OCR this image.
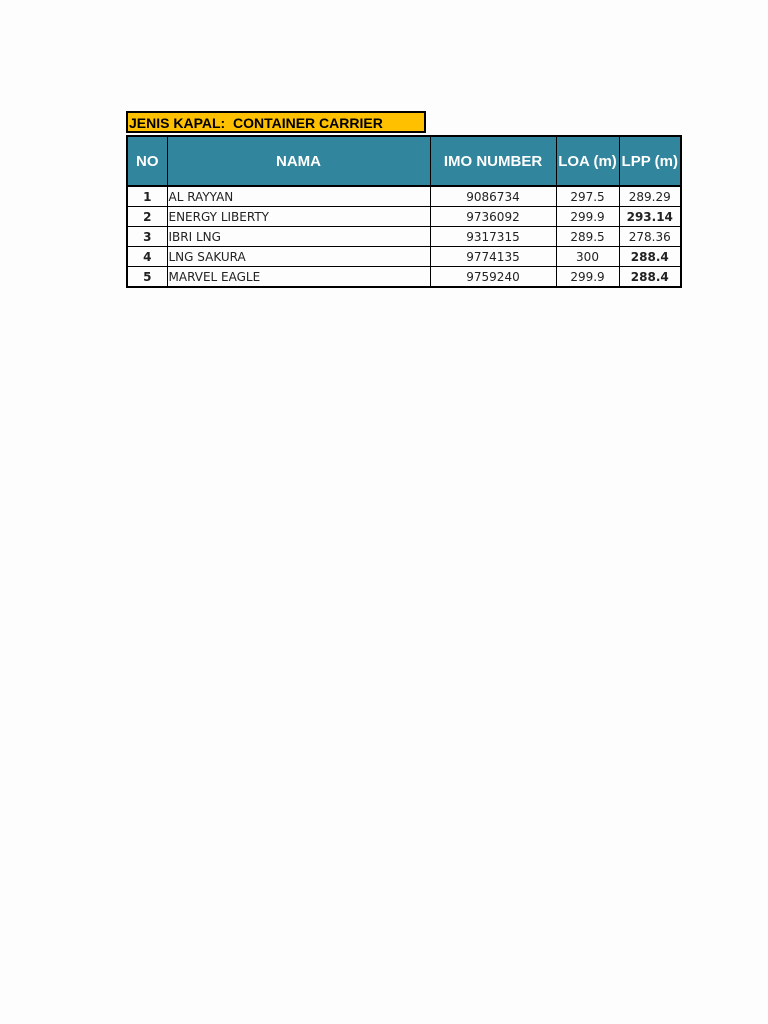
JENIS KAPAL:  CONTAINER CARRIER
NO	NAMA	IMO NUMBER	LOA (m)	LPP (m)
1	AL RAYYAN	9086734	297.5	289.29
2	ENERGY LIBERTY	9736092	299.9	293.14
3	IBRI LNG	9317315	289.5	278.36
4	LNG SAKURA	9774135	300	288.4
5	MARVEL EAGLE	9759240	299.9	288.4
